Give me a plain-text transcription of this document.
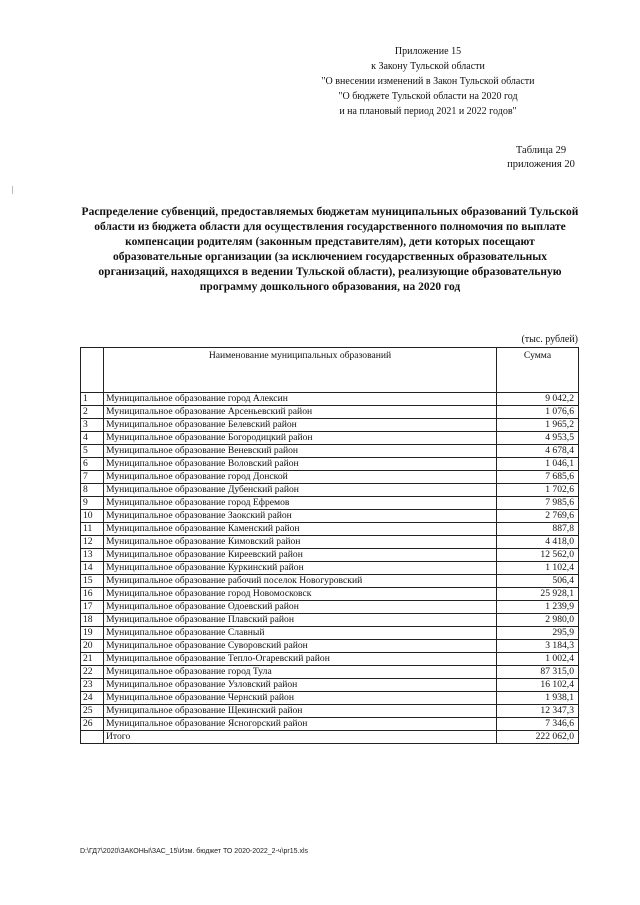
Приложение 15
к Закону Тульской области
"О внесении изменений в Закон Тульской области
"О бюджете Тульской области на 2020 год
и на плановый период 2021 и 2022 годов"
Таблица 29
приложения 20
Распределение субвенций, предоставляемых бюджетам муниципальных образований Тульской области из бюджета области для осуществления государственного полномочия по выплате компенсации родителям (законным представителям), дети которых посещают образовательные организации (за исключением государственных образовательных организаций, находящихся в ведении Тульской области), реализующие образовательную программу дошкольного образования, на 2020 год
(тыс. рублей)
	Наименование муниципальных образований	Сумма
1	Муниципальное образование город Алексин	9 042,2
2	Муниципальное образование Арсеньевский район	1 076,6
3	Муниципальное образование Белевский район	1 965,2
4	Муниципальное образование Богородицкий район	4 953,5
5	Муниципальное образование Веневский район	4 678,4
6	Муниципальное образование Воловский район	1 046,1
7	Муниципальное образование город Донской	7 685,6
8	Муниципальное образование Дубенский район	1 702,6
9	Муниципальное образование город Ефремов	7 985,6
10	Муниципальное образование Заокский район	2 769,6
11	Муниципальное образование Каменский район	887,8
12	Муниципальное образование Кимовский район	4 418,0
13	Муниципальное образование Киреевский район	12 562,0
14	Муниципальное образование Куркинский район	1 102,4
15	Муниципальное образование рабочий поселок Новогуровский	506,4
16	Муниципальное образование город Новомосковск	25 928,1
17	Муниципальное образование Одоевский район	1 239,9
18	Муниципальное образование Плавский район	2 980,0
19	Муниципальное образование Славный	295,9
20	Муниципальное образование Суворовский район	3 184,3
21	Муниципальное образование Тепло-Огаревский район	1 002,4
22	Муниципальное образование город Тула	87 315,0
23	Муниципальное образование Узловский район	16 102,4
24	Муниципальное образование Чернский район	1 938,1
25	Муниципальное образование Щекинский район	12 347,3
26	Муниципальное образование Ясногорский район	7 346,6
	Итого	222 062,0
D:\ГД7\2020\ЗАКОНЫ\ЗАС_15\Изм. бюджет ТО 2020-2022_2-ч\pr15.xls
